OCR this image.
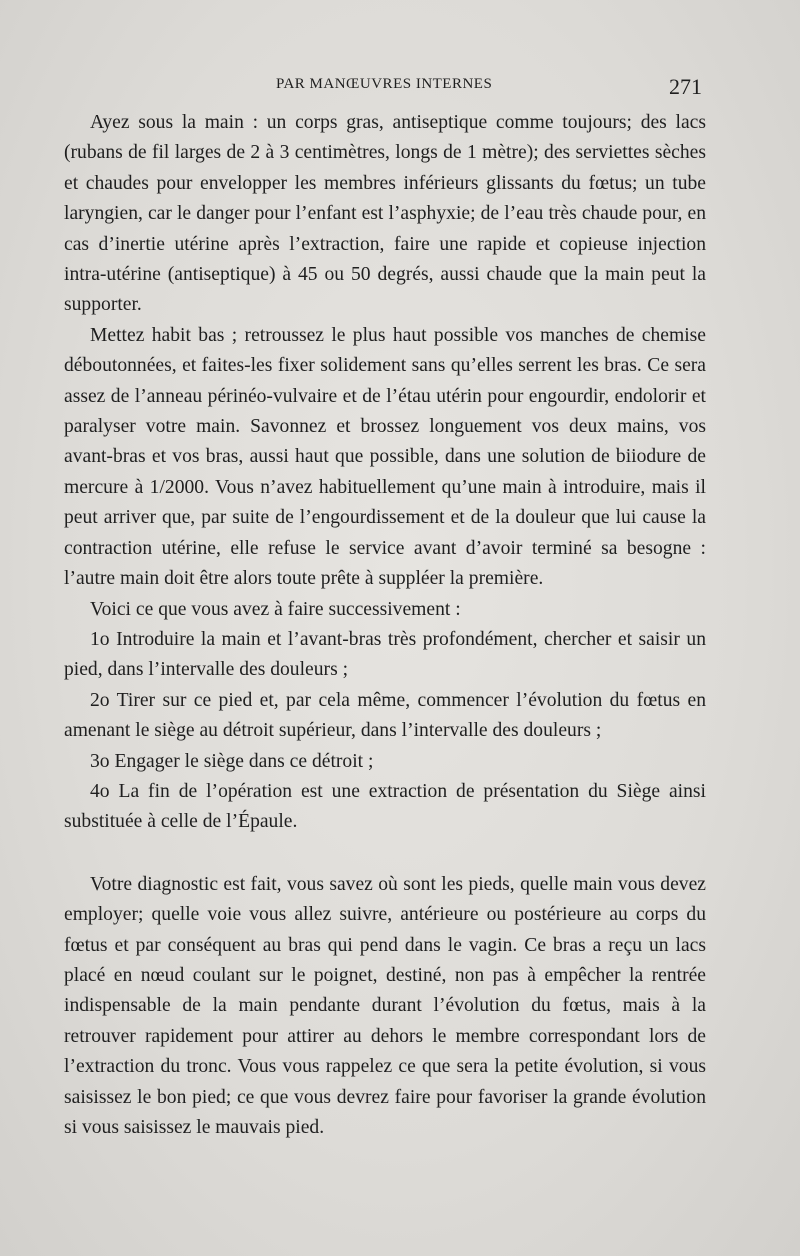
PAR MANŒUVRES INTERNES	271

Ayez sous la main : un corps gras, antiseptique comme toujours; des lacs (rubans de fil larges de 2 à 3 centimètres, longs de 1 mètre); des serviettes sèches et chaudes pour envelopper les membres inférieurs glissants du fœtus; un tube laryngien, car le danger pour l’enfant est l’asphyxie; de l’eau très chaude pour, en cas d’inertie utérine après l’extraction, faire une rapide et copieuse injection intra-utérine (antiseptique) à 45 ou 50 degrés, aussi chaude que la main peut la supporter.

Mettez habit bas ; retroussez le plus haut possible vos manches de chemise déboutonnées, et faites-les fixer solidement sans qu’elles serrent les bras. Ce sera assez de l’anneau périnéo-vulvaire et de l’étau utérin pour engourdir, endolorir et paralyser votre main. Savonnez et brossez longuement vos deux mains, vos avant-bras et vos bras, aussi haut que possible, dans une solution de biiodure de mercure à 1/2000. Vous n’avez habituellement qu’une main à introduire, mais il peut arriver que, par suite de l’engourdissement et de la douleur que lui cause la contraction utérine, elle refuse le service avant d’avoir terminé sa besogne : l’autre main doit être alors toute prête à suppléer la première.

Voici ce que vous avez à faire successivement :

1o Introduire la main et l’avant-bras très profondément, chercher et saisir un pied, dans l’intervalle des douleurs ;

2o Tirer sur ce pied et, par cela même, commencer l’évolution du fœtus en amenant le siège au détroit supérieur, dans l’intervalle des douleurs ;

3o Engager le siège dans ce détroit ;

4o La fin de l’opération est une extraction de présentation du Siège ainsi substituée à celle de l’Épaule.

Votre diagnostic est fait, vous savez où sont les pieds, quelle main vous devez employer; quelle voie vous allez suivre, antérieure ou postérieure au corps du fœtus et par conséquent au bras qui pend dans le vagin. Ce bras a reçu un lacs placé en nœud coulant sur le poignet, destiné, non pas à empêcher la rentrée indispensable de la main pendante durant l’évolution du fœtus, mais à la retrouver rapidement pour attirer au dehors le membre correspondant lors de l’extraction du tronc. Vous vous rappelez ce que sera la petite évolution, si vous saisissez le bon pied; ce que vous devrez faire pour favoriser la grande évolution si vous saisissez le mauvais pied.
